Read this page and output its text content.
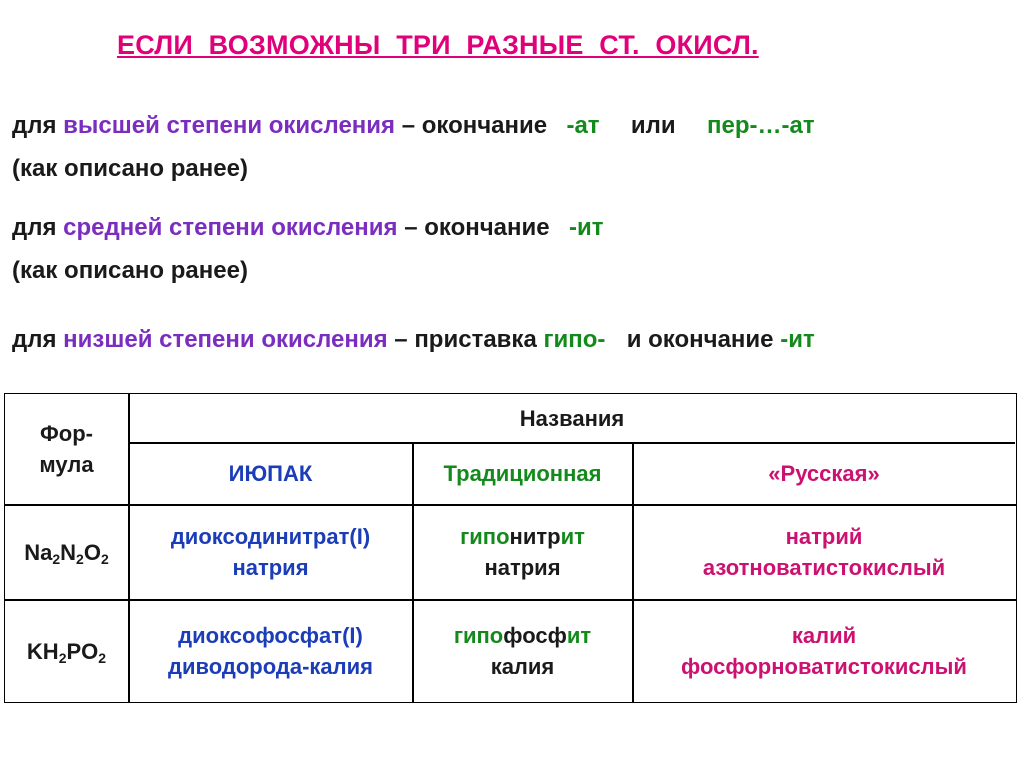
ЕСЛИ ВОЗМОЖНЫ ТРИ РАЗНЫЕ СТ. ОКИСЛ.
для высшей степени окисления – окончание -ат или пер-…-ат
(как описано ранее)
для средней степени окисления – окончание -ит
(как описано ранее)
для низшей степени окисления – приставка гипо- и окончание -ит
Фор-
мула
Названия
ИЮПАК	Традиционная	«Русская»
$Na_2N_2O_2$
диоксодинитрат(I)
натрия
гипонитрит
натрия
натрий
азотноватистокислый
$KH_2PO_2$
диоксофосфат(I)
диводорода-калия
гипофосфит
калия
калий
фосфорноватистокислый
